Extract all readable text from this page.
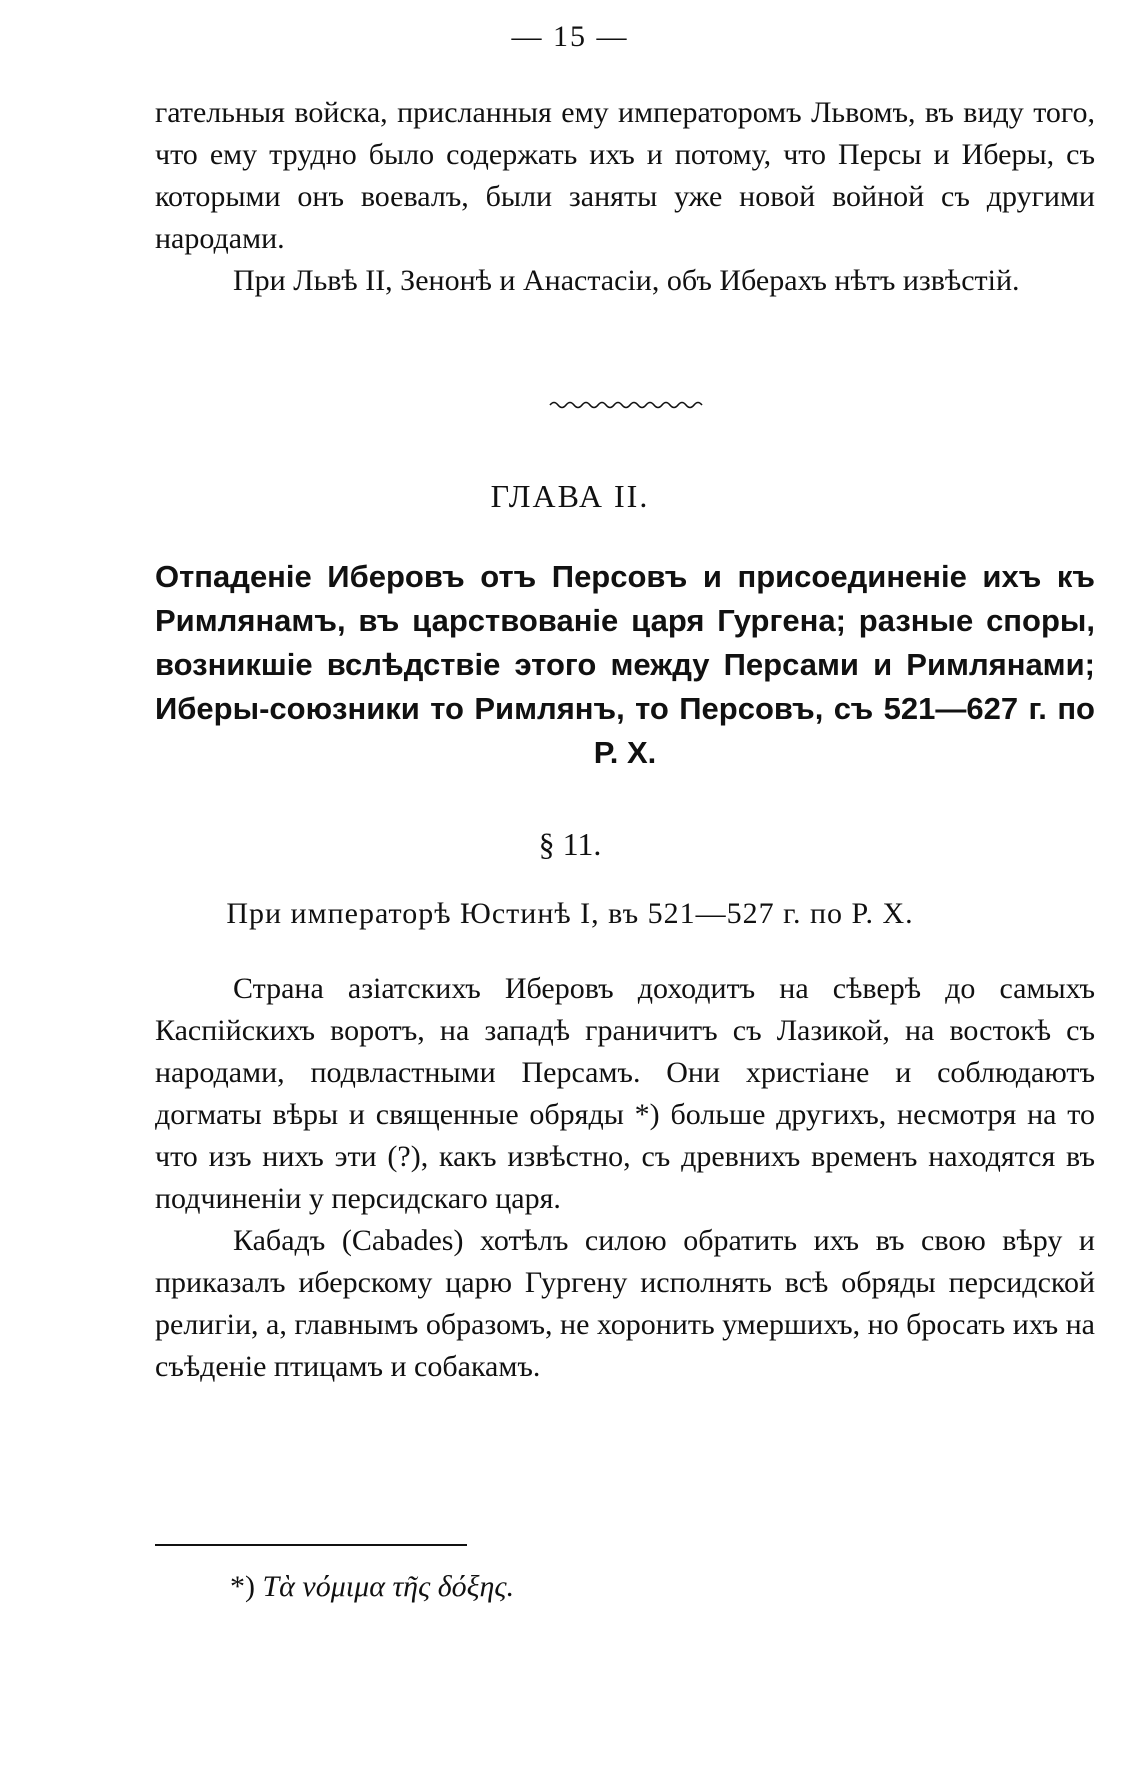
— 15 —

гательныя войска, присланныя ему императоромъ Львомъ, въ виду того, что ему трудно было содержать ихъ и потому, что Персы и Иберы, съ которыми онъ воевалъ, были заняты уже новой войной съ другими народами.

При Львѣ II, Зенонѣ и Анастасіи, объ Иберахъ нѣтъ извѣстій.

ГЛАВА II.
Отпаденіе Иберовъ отъ Персовъ и присоединеніе ихъ къ Римлянамъ, въ царствованіе царя Гургена; разные споры, возникшіе вслѣдствіе этого между Персами и Римлянами; Иберы-союзники то Римлянъ, то Персовъ, съ 521—627 г. по Р. Х.
§ 11.
При императорѣ Юстинѣ I, въ 521—527 г. по Р. Х.

Страна азіатскихъ Иберовъ доходитъ на сѣверѣ до самыхъ Каспійскихъ воротъ, на западѣ граничитъ съ Лазикой, на востокѣ съ народами, подвластными Персамъ. Они христіане и соблюдаютъ догматы вѣры и священные обряды *) больше другихъ, несмотря на то что изъ нихъ эти (?), какъ извѣстно, съ древнихъ временъ находятся въ подчиненіи у персидскаго царя.

Кабадъ (Cabades) хотѣлъ силою обратить ихъ въ свою вѣру и приказалъ иберскому царю Гургену исполнять всѣ обряды персидской религіи, а, главнымъ образомъ, не хоронить умершихъ, но бросать ихъ на съѣденіе птицамъ и собакамъ.

*) Τὰ νόμιμα τῆς δόξης.
